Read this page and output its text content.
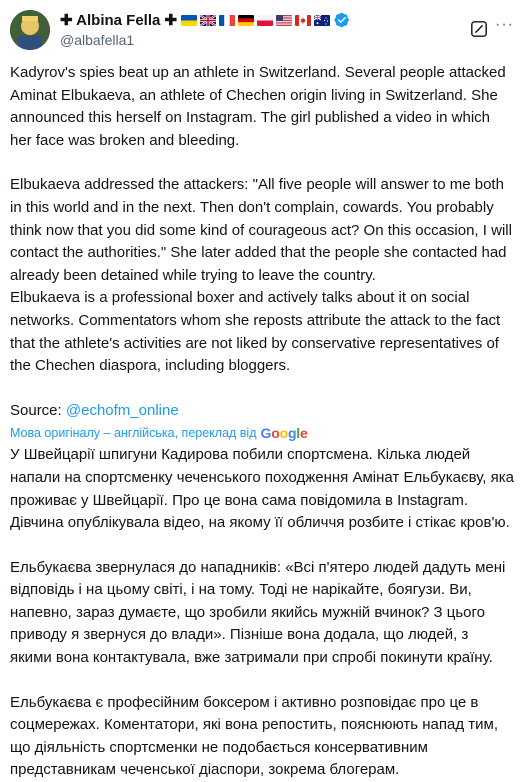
✚ Albina Fella ✚
@albafella1
···

Kadyrov's spies beat up an athlete in Switzerland. Several people attacked Aminat Elbukaeva, an athlete of Chechen origin living in Switzerland. She announced this herself on Instagram. The girl published a video in which her face was broken and bleeding.

Elbukaeva addressed the attackers: "All five people will answer to me both in this world and in the next. Then don't complain, cowards. You probably think now that you did some kind of courageous act? On this occasion, I will contact the authorities." She later added that the people she contacted had already been detained while trying to leave the country.

Elbukaeva is a professional boxer and actively talks about it on social networks. Commentators whom she reposts attribute the attack to the fact that the athlete's activities are not liked by conservative representatives of the Chechen diaspora, including bloggers.

Source: @echofm_online
Мова оригіналу – англійська, переклад від Google

У Швейцарії шпигуни Кадирова побили спортсмена. Кілька людей напали на спортсменку чеченського походження Амінат Ельбукаєву, яка проживає у Швейцарії. Про це вона сама повідомила в Instagram. Дівчина опублікувала відео, на якому її обличчя розбите і стікає кров'ю.

Ельбукаєва звернулася до нападників: «Всі п'ятеро людей дадуть мені відповідь і на цьому світі, і на тому. Тоді не нарікайте, боягузи. Ви, напевно, зараз думаєте, що зробили якийсь мужній вчинок? З цього приводу я звернуся до влади». Пізніше вона додала, що людей, з якими вона контактувала, вже затримали при спробі покинути країну.

Ельбукаєва є професійним боксером і активно розповідає про це в соцмережах. Коментатори, які вона репостить, пояснюють напад тим, що діяльність спортсменки не подобається консервативним представникам чеченської діаспори, зокрема блогерам.
